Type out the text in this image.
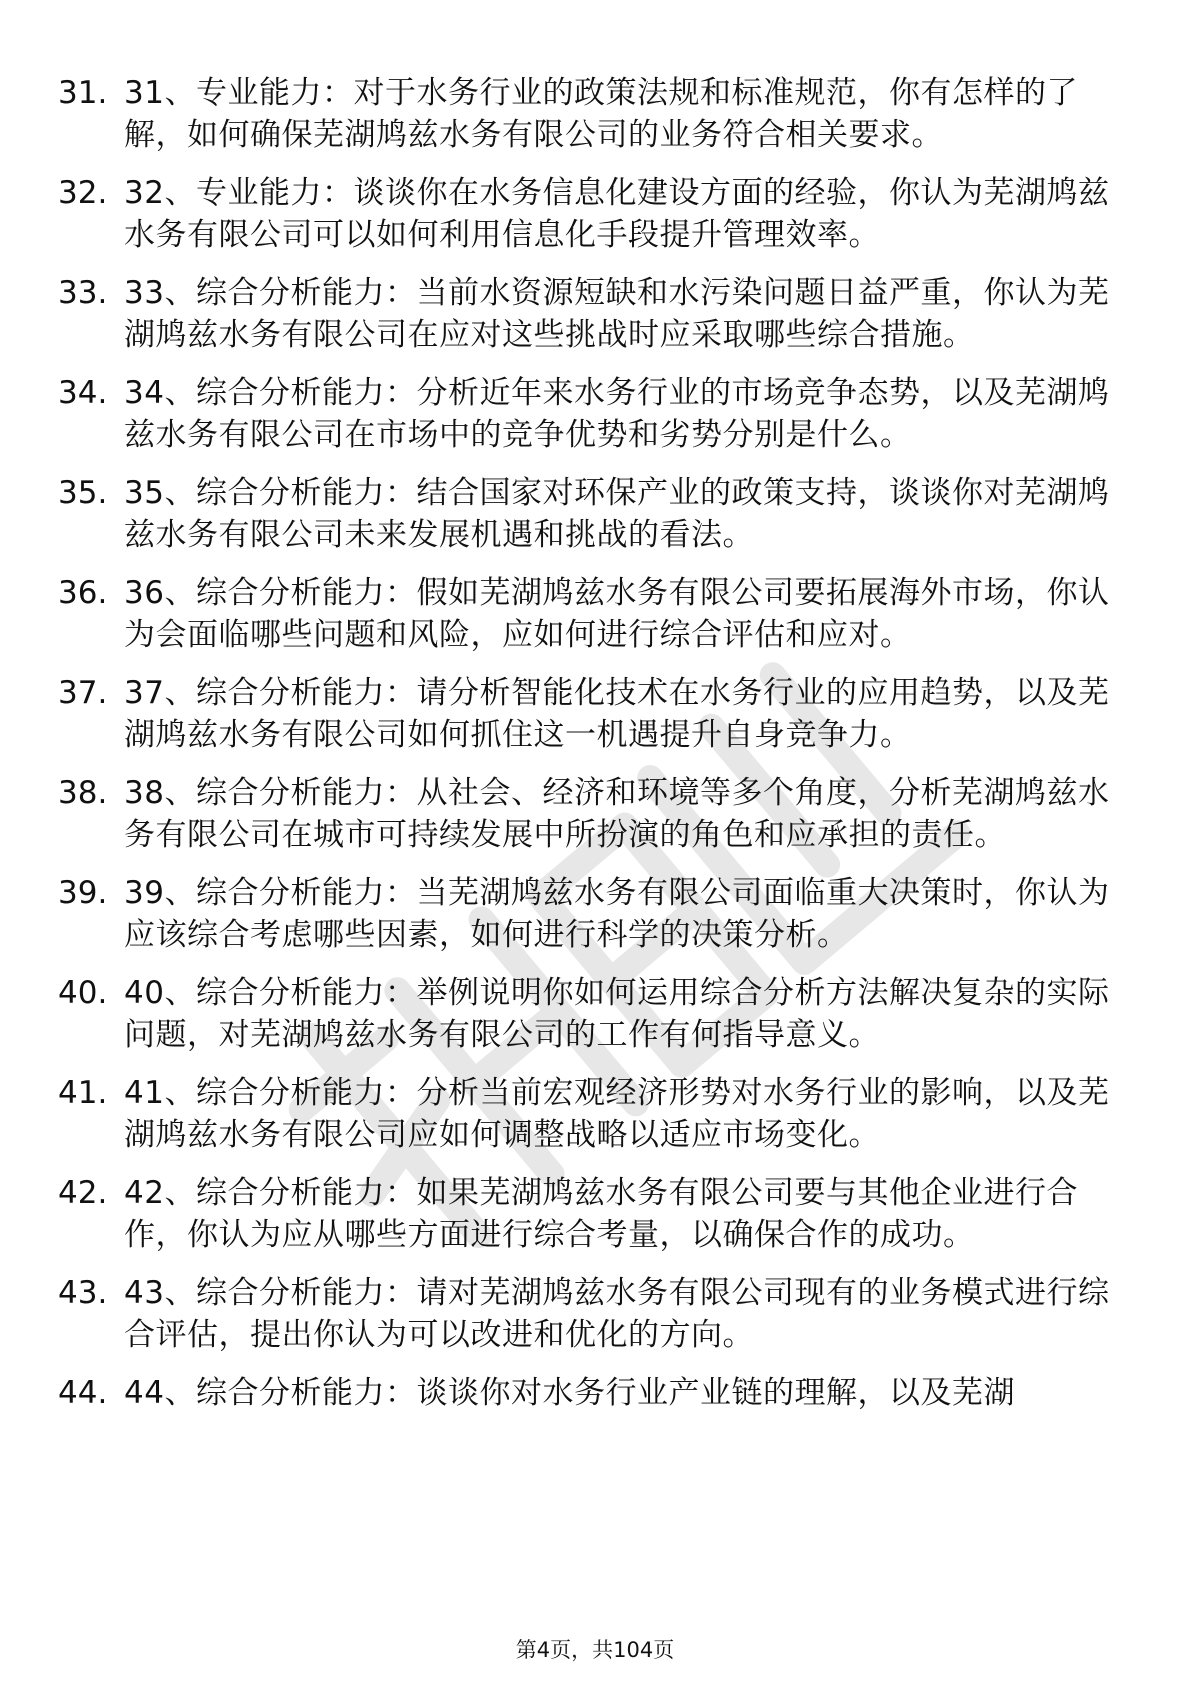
31. 31、专业能力：对于水务行业的政策法规和标准规范，你有怎样的了解，如何确保芜湖鸠兹水务有限公司的业务符合相关要求。
32. 32、专业能力：谈谈你在水务信息化建设方面的经验，你认为芜湖鸠兹水务有限公司可以如何利用信息化手段提升管理效率。
33. 33、综合分析能力：当前水资源短缺和水污染问题日益严重，你认为芜湖鸠兹水务有限公司在应对这些挑战时应采取哪些综合措施。
34. 34、综合分析能力：分析近年来水务行业的市场竞争态势，以及芜湖鸠兹水务有限公司在市场中的竞争优势和劣势分别是什么。
35. 35、综合分析能力：结合国家对环保产业的政策支持，谈谈你对芜湖鸠兹水务有限公司未来发展机遇和挑战的看法。
36. 36、综合分析能力：假如芜湖鸠兹水务有限公司要拓展海外市场，你认为会面临哪些问题和风险，应如何进行综合评估和应对。
37. 37、综合分析能力：请分析智能化技术在水务行业的应用趋势，以及芜湖鸠兹水务有限公司如何抓住这一机遇提升自身竞争力。
38. 38、综合分析能力：从社会、经济和环境等多个角度，分析芜湖鸠兹水务有限公司在城市可持续发展中所扮演的角色和应承担的责任。
39. 39、综合分析能力：当芜湖鸠兹水务有限公司面临重大决策时，你认为应该综合考虑哪些因素，如何进行科学的决策分析。
40. 40、综合分析能力：举例说明你如何运用综合分析方法解决复杂的实际问题，对芜湖鸠兹水务有限公司的工作有何指导意义。
41. 41、综合分析能力：分析当前宏观经济形势对水务行业的影响，以及芜湖鸠兹水务有限公司应如何调整战略以适应市场变化。
42. 42、综合分析能力：如果芜湖鸠兹水务有限公司要与其他企业进行合作，你认为应从哪些方面进行综合考量，以确保合作的成功。
43. 43、综合分析能力：请对芜湖鸠兹水务有限公司现有的业务模式进行综合评估，提出你认为可以改进和优化的方向。
44. 44、综合分析能力：谈谈你对水务行业产业链的理解，以及芜湖
第4页，共104页
